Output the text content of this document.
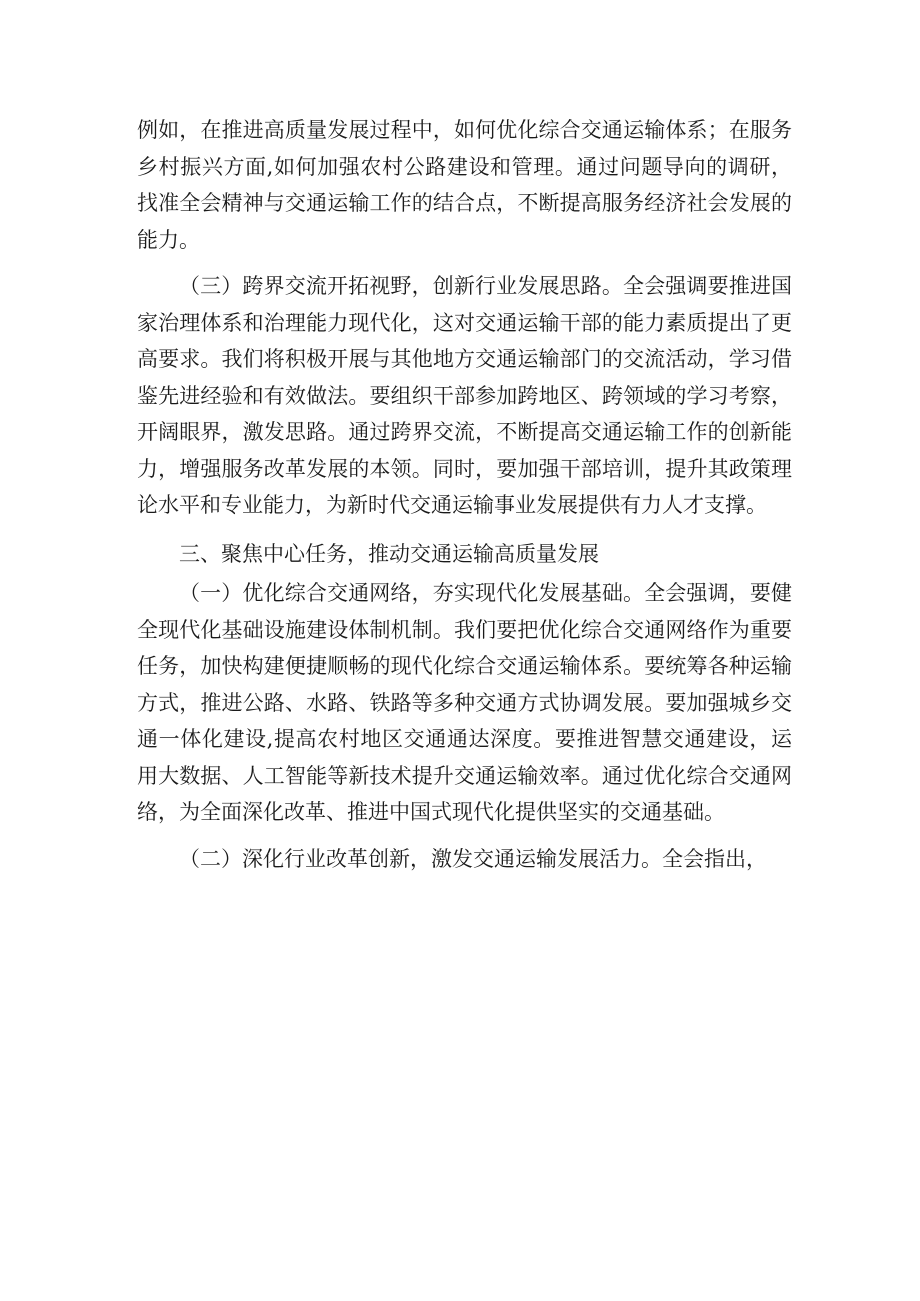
例如，在推进高质量发展过程中，如何优化综合交通运输体系；在服务乡村振兴方面,如何加强农村公路建设和管理。通过问题导向的调研，找准全会精神与交通运输工作的结合点，不断提高服务经济社会发展的能力。

（三）跨界交流开拓视野，创新行业发展思路。全会强调要推进国家治理体系和治理能力现代化，这对交通运输干部的能力素质提出了更高要求。我们将积极开展与其他地方交通运输部门的交流活动，学习借鉴先进经验和有效做法。要组织干部参加跨地区、跨领域的学习考察，开阔眼界，激发思路。通过跨界交流，不断提高交通运输工作的创新能力，增强服务改革发展的本领。同时，要加强干部培训，提升其政策理论水平和专业能力，为新时代交通运输事业发展提供有力人才支撑。

三、聚焦中心任务，推动交通运输高质量发展

（一）优化综合交通网络，夯实现代化发展基础。全会强调，要健全现代化基础设施建设体制机制。我们要把优化综合交通网络作为重要任务，加快构建便捷顺畅的现代化综合交通运输体系。要统筹各种运输方式，推进公路、水路、铁路等多种交通方式协调发展。要加强城乡交通一体化建设,提高农村地区交通通达深度。要推进智慧交通建设，运用大数据、人工智能等新技术提升交通运输效率。通过优化综合交通网络，为全面深化改革、推进中国式现代化提供坚实的交通基础。

（二）深化行业改革创新，激发交通运输发展活力。全会指出，
